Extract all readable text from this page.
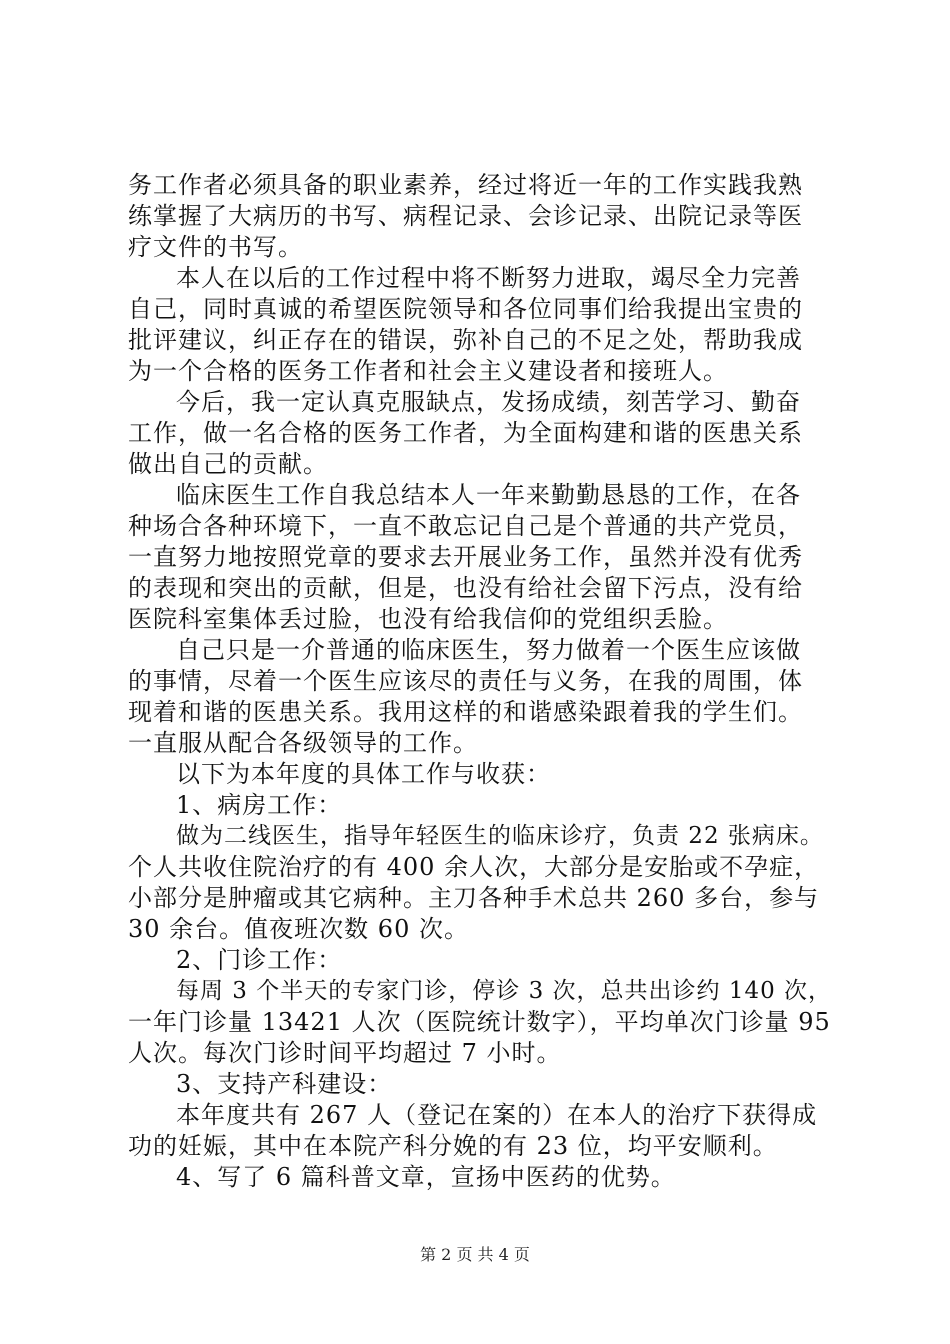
务工作者必须具备的职业素养，经过将近一年的工作实践我熟
练掌握了大病历的书写、病程记录、会诊记录、出院记录等医
疗文件的书写。
本人在以后的工作过程中将不断努力进取，竭尽全力完善
自己，同时真诚的希望医院领导和各位同事们给我提出宝贵的
批评建议，纠正存在的错误，弥补自己的不足之处，帮助我成
为一个合格的医务工作者和社会主义建设者和接班人。
今后，我一定认真克服缺点，发扬成绩，刻苦学习、勤奋
工作，做一名合格的医务工作者，为全面构建和谐的医患关系
做出自己的贡献。
临床医生工作自我总结本人一年来勤勤恳恳的工作，在各
种场合各种环境下，一直不敢忘记自己是个普通的共产党员，
一直努力地按照党章的要求去开展业务工作，虽然并没有优秀
的表现和突出的贡献，但是，也没有给社会留下污点，没有给
医院科室集体丢过脸，也没有给我信仰的党组织丢脸。
自己只是一介普通的临床医生，努力做着一个医生应该做
的事情，尽着一个医生应该尽的责任与义务，在我的周围，体
现着和谐的医患关系。我用这样的和谐感染跟着我的学生们。
一直服从配合各级领导的工作。
以下为本年度的具体工作与收获：
1、病房工作：
做为二线医生，指导年轻医生的临床诊疗，负责 22 张病床。
个人共收住院治疗的有 400 余人次，大部分是安胎或不孕症，
小部分是肿瘤或其它病种。主刀各种手术总共 260 多台，参与
30 余台。值夜班次数 60 次。
2、门诊工作：
每周 3 个半天的专家门诊，停诊 3 次，总共出诊约 140 次，
一年门诊量 13421 人次（医院统计数字），平均单次门诊量 95
人次。每次门诊时间平均超过 7 小时。
3、支持产科建设：
本年度共有 267 人（登记在案的）在本人的治疗下获得成
功的妊娠，其中在本院产科分娩的有 23 位，均平安顺利。
4、写了 6 篇科普文章，宣扬中医药的优势。
第 2 页 共 4 页
